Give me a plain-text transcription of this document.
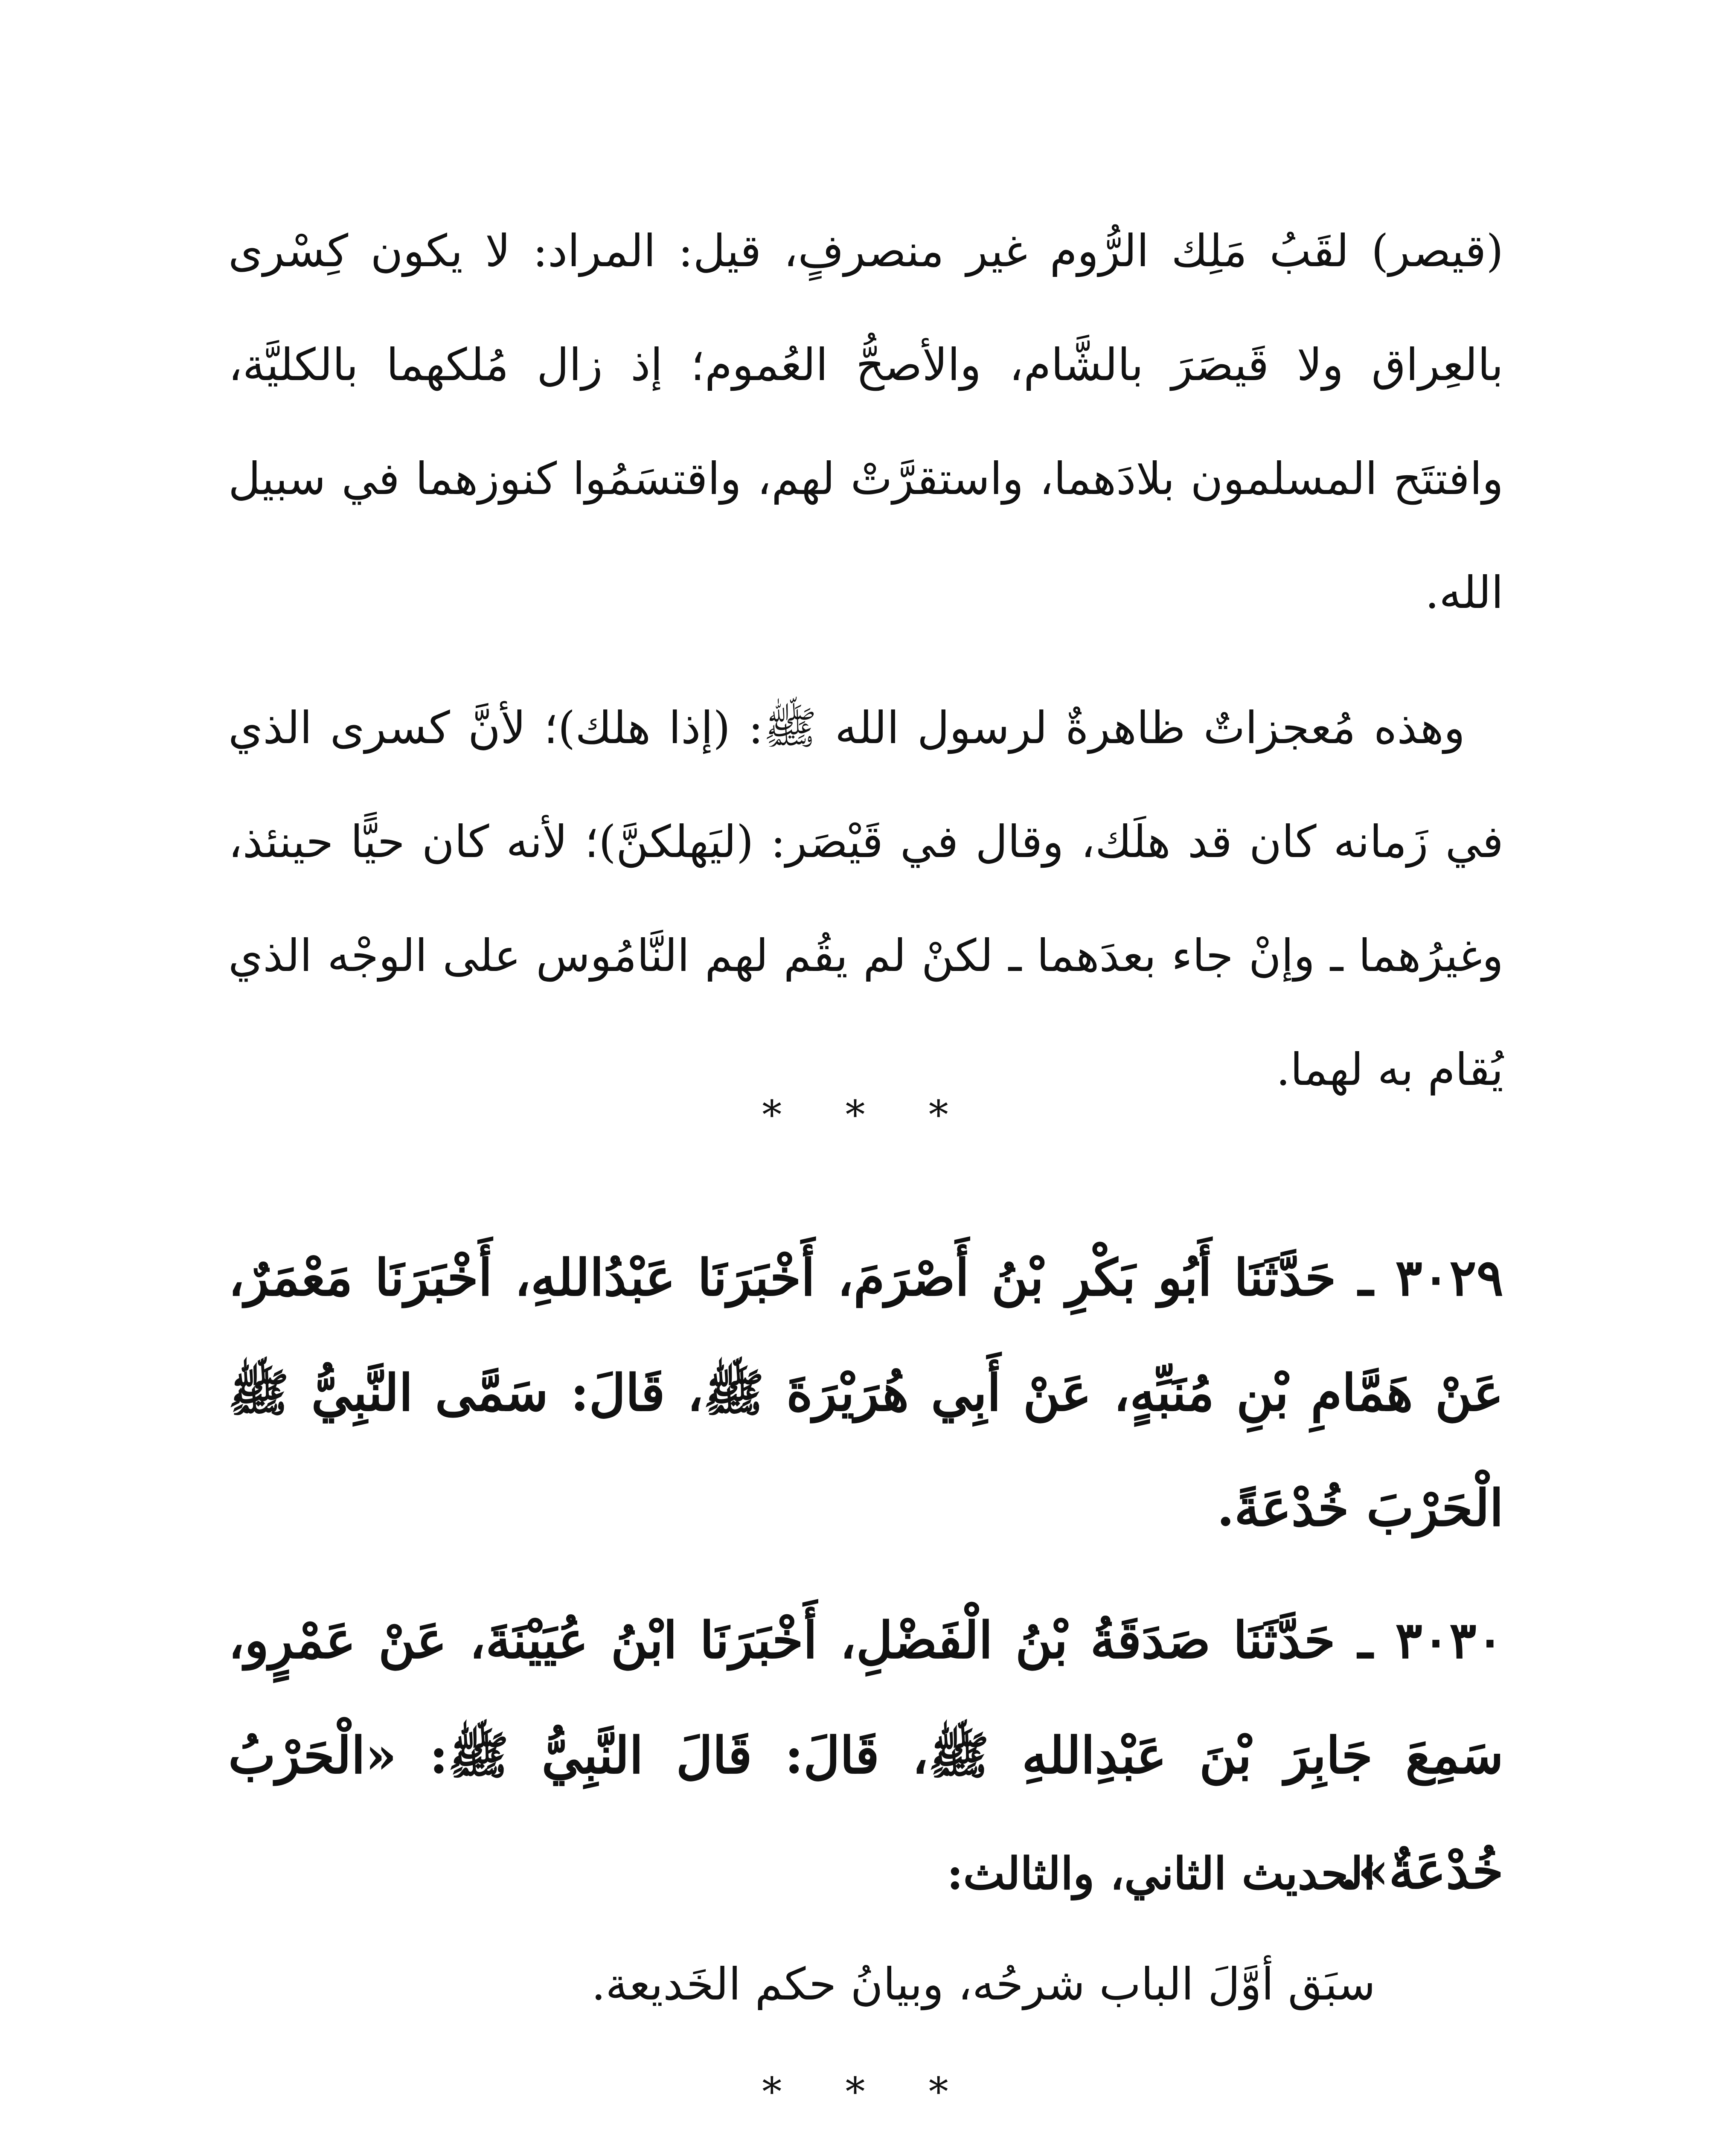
(قيصر) لقَبُ مَلِك الرُّوم غير منصرفٍ، قيل: المراد: لا يكون كِسْرى بالعِراق ولا قَيصَرَ بالشَّام، والأصحُّ العُموم؛ إذ زال مُلكهما بالكليَّة، وافتتَح المسلمون بلادَهما، واستقرَّتْ لهم، واقتسَمُوا كنوزهما في سبيل الله.

وهذه مُعجزاتٌ ظاهرةٌ لرسول الله ﷺ: (إذا هلك)؛ لأنَّ كسرى الذي في زَمانه كان قد هلَك، وقال في قَيْصَر: (ليَهلكنَّ)؛ لأنه كان حيًّا حينئذ، وغيرُهما ـ وإنْ جاء بعدَهما ـ لكنْ لم يقُم لهم النَّامُوس على الوجْه الذي يُقام به لهما.

* * *

٣٠٢٩ ـ حَدَّثَنَا أَبُو بَكْرِ بْنُ أَصْرَمَ، أَخْبَرَنَا عَبْدُاللهِ، أَخْبَرَنَا مَعْمَرٌ، عَنْ هَمَّامِ بْنِ مُنَبِّهٍ، عَنْ أَبِي هُرَيْرَةَ ﷺ، قَالَ: سَمَّى النَّبِيُّ ﷺ الْحَرْبَ خُدْعَةً.

٣٠٣٠ ـ حَدَّثَنَا صَدَقَةُ بْنُ الْفَضْلِ، أَخْبَرَنَا ابْنُ عُيَيْنَةَ، عَنْ عَمْرٍو، سَمِعَ جَابِرَ بْنَ عَبْدِاللهِ ﷺ، قَالَ: قَالَ النَّبِيُّ ﷺ: «الْحَرْبُ خُدْعَةٌ».

الحديث الثاني، والثالث:

سبَق أوَّلَ الباب شرحُه، وبيانُ حكم الخَديعة.

* * *
